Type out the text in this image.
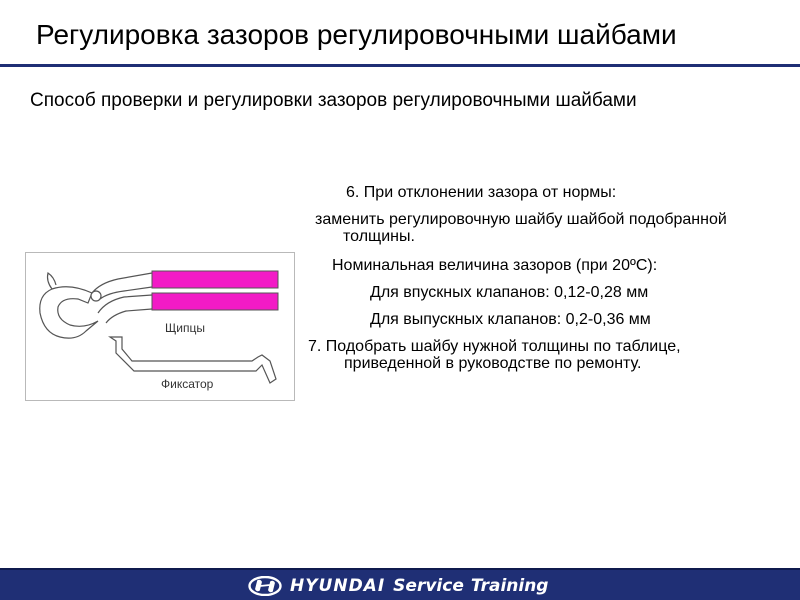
Регулировка зазоров регулировочными шайбами
Способ проверки и регулировки зазоров регулировочными шайбами
Щипцы
Фиксатор

6. При отклонении зазора от нормы:

заменить регулировочную шайбу шайбой подобранной толщины.

Номинальная величина зазоров (при 20ºС):

Для впускных клапанов: 0,12-0,28 мм

Для выпускных клапанов: 0,2-0,36 мм

7. Подобрать шайбу нужной толщины по таблице, приведенной в руководстве по ремонту.

HYUNDAI Service Training
